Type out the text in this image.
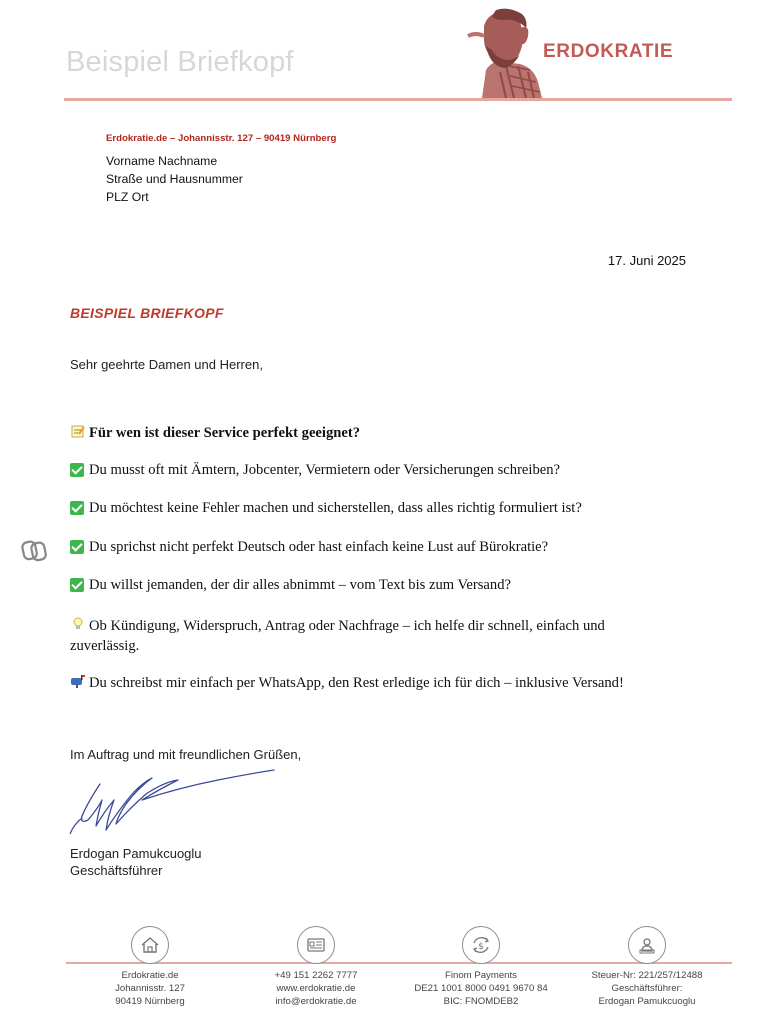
Beispiel Briefkopf	ERDOKRATIE
Erdokratie.de – Johannisstr. 127 – 90419 Nürnberg
Vorname Nachname
Straße und Hausnummer
PLZ Ort
17. Juni 2025
BEISPIEL BRIEFKOPF
Sehr geehrte Damen und Herren,
Für wen ist dieser Service perfekt geeignet?
Du musst oft mit Ämtern, Jobcenter, Vermietern oder Versicherungen schreiben?
Du möchtest keine Fehler machen und sicherstellen, dass alles richtig formuliert ist?
Du sprichst nicht perfekt Deutsch oder hast einfach keine Lust auf Bürokratie?
Du willst jemanden, der dir alles abnimmt – vom Text bis zum Versand?
Ob Kündigung, Widerspruch, Antrag oder Nachfrage – ich helfe dir schnell, einfach und zuverlässig.
Du schreibst mir einfach per WhatsApp, den Rest erledige ich für dich – inklusive Versand!
Im Auftrag und mit freundlichen Grüßen,
Erdogan Pamukcuoglu
Geschäftsführer
$
Erdokratie.de
Johannisstr. 127
90419 Nürnberg
+49 151 2262 7777
www.erdokratie.de
info@erdokratie.de
Finom Payments
DE21 1001 8000 0491 9670 84
BIC: FNOMDEB2
Steuer-Nr: 221/257/12488
Geschäftsführer:
Erdogan Pamukcuoglu
